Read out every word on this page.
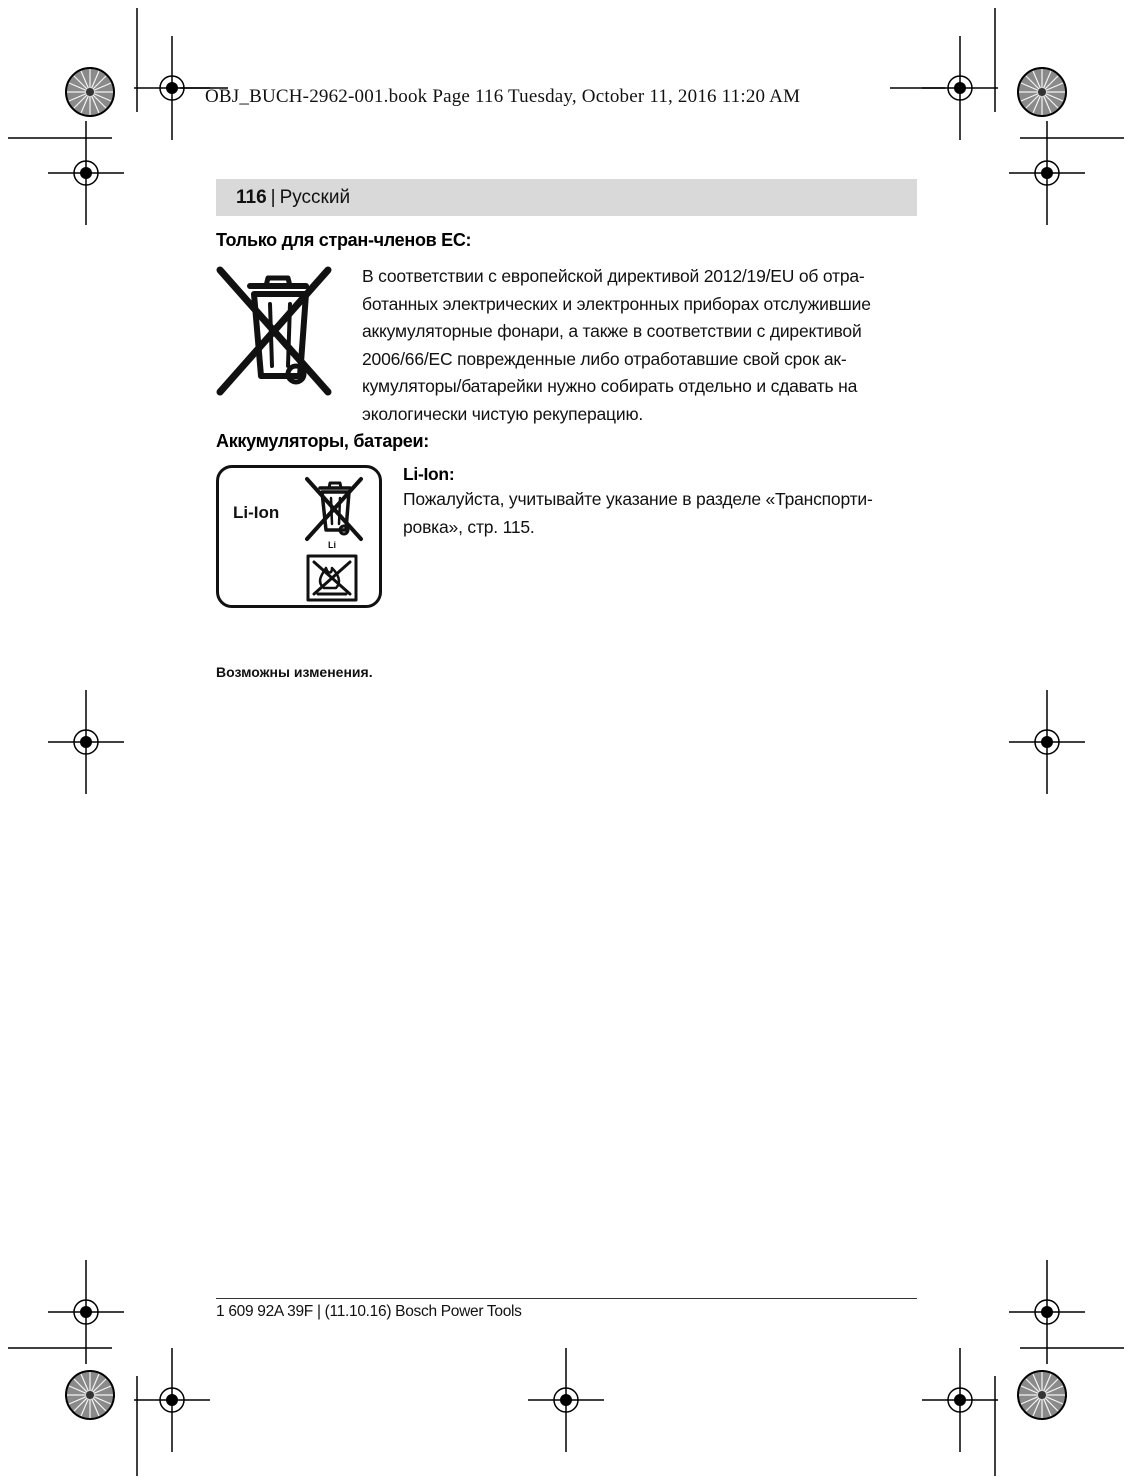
OBJ_BUCH-2962-001.book Page 116 Tuesday, October 11, 2016 11:20 AM
116 | Русский
Только для стран-членов ЕС:

В соответствии с европейской директивой 2012/19/EU об отра-

ботанных электрических и электронных приборах отслужившие

аккумуляторные фонари, а также в соответствии с директивой

2006/66/EC поврежденные либо отработавшие свой срок ак-

кумуляторы/батарейки нужно собирать отдельно и сдавать на

экологически чистую рекуперацию.

Аккумуляторы, батареи:
Li-Ion
Li
Li-Ion:

Пожалуйста, учитывайте указание в разделе «Транспорти-

ровка», стр. 115.

Возможны изменения.
1 609 92A 39F | (11.10.16) Bosch Power Tools
